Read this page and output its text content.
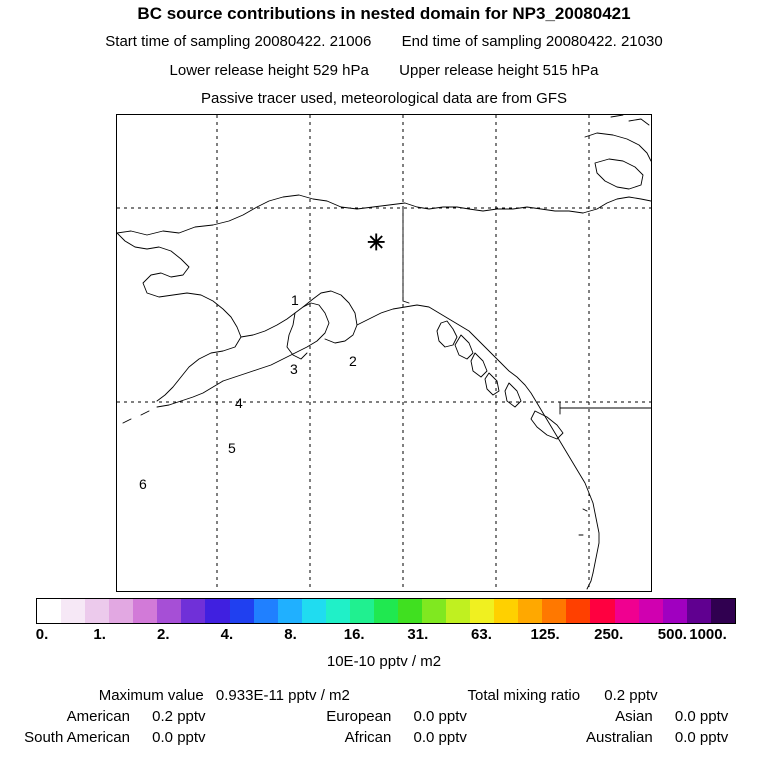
BC source contributions in nested domain for NP3_20080421
Start time of sampling 20080422. 21006 End time of sampling 20080422. 21030
Lower release height 529 hPa Upper release height 515 hPa
Passive tracer used, meteorological data are from GFS
✳
1
2
3
4
5
6
0.	1.	2.	4.	8.	16.	31.	63.	125. 250. 500. 1000.
10E-10 pptv / m2
Maximum value 0.933E-11 pptv / m2	Total mixing ratio 0.2 pptv
American 0.2 pptv	European 0.0 pptv	Asian 0.0 pptv
South American 0.0 pptv	African 0.0 pptv	Australian 0.0 pptv
